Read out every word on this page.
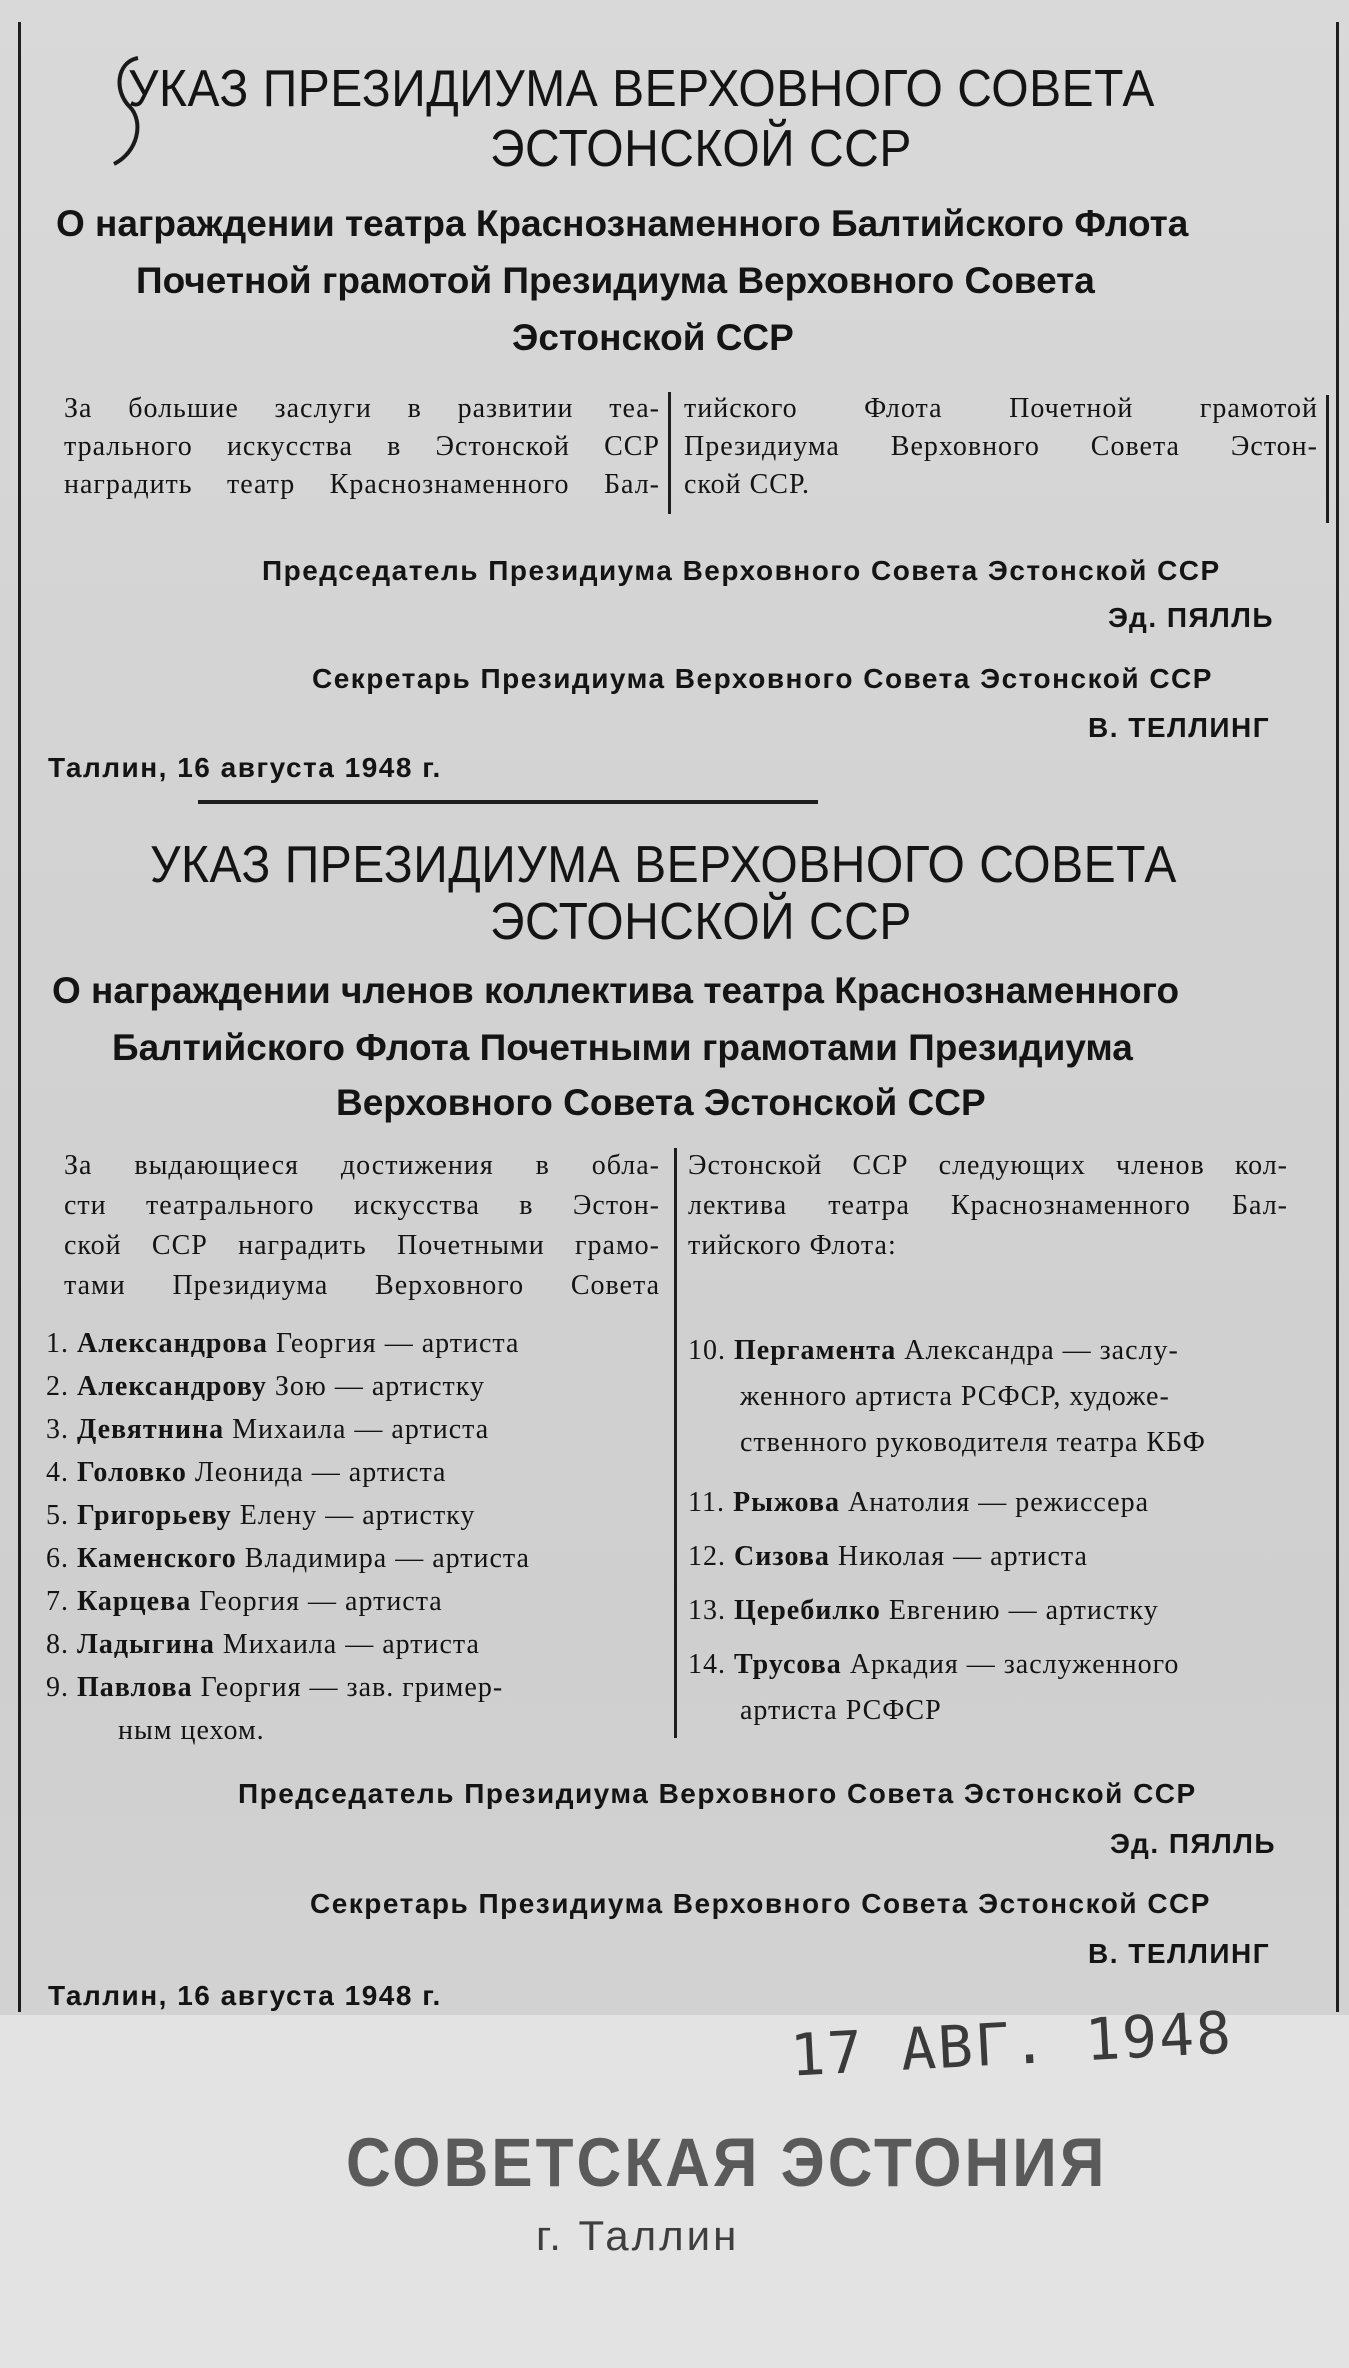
УКАЗ ПРЕЗИДИУМА ВЕРХОВНОГО СОВЕТА
ЭСТОНСКОЙ ССР
О награждении театра Краснознаменного Балтийского Флота
Почетной грамотой Президиума Верховного Совета
Эстонской ССР
За большие заслуги в развитии теа-
трального искусства в Эстонской ССР
наградить театр Краснознаменного Бал-
тийского Флота Почетной грамотой
Президиума Верховного Совета Эстон-
ской ССР.
Председатель Президиума Верховного Совета Эстонской ССР
Эд. ПЯЛЛЬ
Секретарь Президиума Верховного Совета Эстонской ССР
В. ТЕЛЛИНГ
Таллин, 16 августа 1948 г.
УКАЗ ПРЕЗИДИУМА ВЕРХОВНОГО СОВЕТА
ЭСТОНСКОЙ ССР
О награждении членов коллектива театра Краснознаменного
Балтийского Флота Почетными грамотами Президиума
Верховного Совета Эстонской ССР
За выдающиеся достижения в обла-
сти театрального искусства в Эстон-
ской ССР наградить Почетными грамо-
тами Президиума Верховного Совета
Эстонской ССР следующих членов кол-
лектива театра Краснознаменного Бал-
тийского Флота:
1. Александрова Георгия — артиста
2. Александрову Зою — артистку
3. Девятнина Михаила — артиста
4. Головко Леонида — артиста
5. Григорьеву Елену — артистку
6. Каменского Владимира — артиста
7. Карцева Георгия — артиста
8. Ладыгина Михаила — артиста
9. Павлова Георгия — зав. гример-
ным цехом.
10. Пергамента Александра — заслу-
женного артиста РСФСР, художе-
ственного руководителя театра КБФ
11. Рыжова Анатолия — режиссера
12. Сизова Николая — артиста
13. Церебилко Евгению — артистку
14. Трусова Аркадия — заслуженного
артиста РСФСР
Председатель Президиума Верховного Совета Эстонской ССР
Эд. ПЯЛЛЬ
Секретарь Президиума Верховного Совета Эстонской ССР
В. ТЕЛЛИНГ
Таллин, 16 августа 1948 г.
17 АВГ. 1948
СОВЕТСКАЯ ЭСТОНИЯ
г. Таллин
